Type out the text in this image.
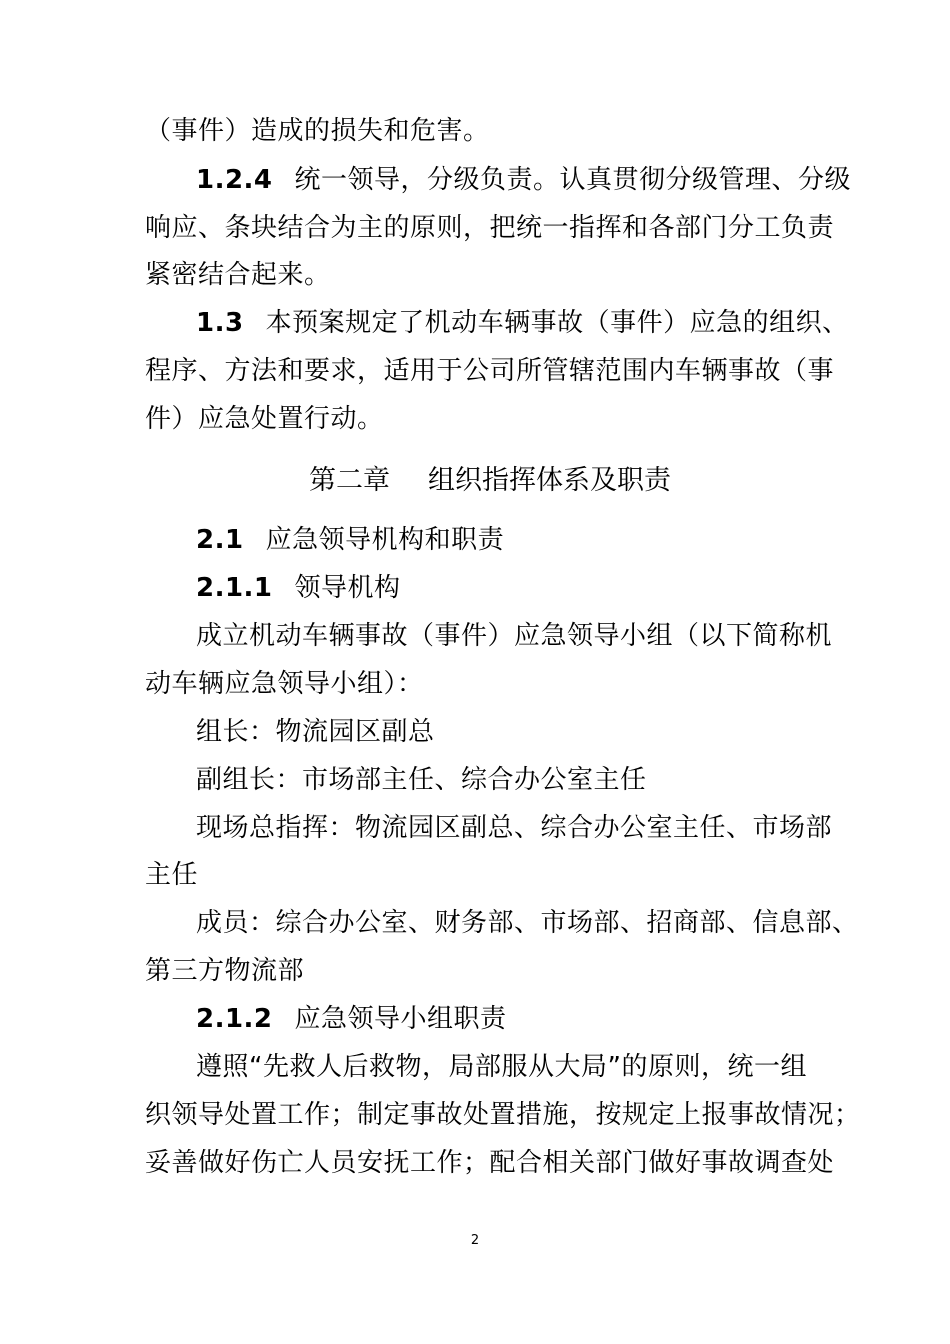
（事件）造成的损失和危害。
1.2.4 统一领导，分级负责。认真贯彻分级管理、分级
响应、条块结合为主的原则，把统一指挥和各部门分工负责
紧密结合起来。
1.3 本预案规定了机动车辆事故（事件）应急的组织、
程序、方法和要求，适用于公司所管辖范围内车辆事故（事
件）应急处置行动。
第二章 组织指挥体系及职责
2.1 应急领导机构和职责
2.1.1 领导机构
成立机动车辆事故（事件）应急领导小组（以下简称机
动车辆应急领导小组）：
组长：物流园区副总
副组长：市场部主任、综合办公室主任
现场总指挥：物流园区副总、综合办公室主任、市场部
主任
成员：综合办公室、财务部、市场部、招商部、信息部、
第三方物流部
2.1.2 应急领导小组职责
遵照“先救人后救物，局部服从大局”的原则，统一组
织领导处置工作；制定事故处置措施，按规定上报事故情况；
妥善做好伤亡人员安抚工作；配合相关部门做好事故调查处
2
